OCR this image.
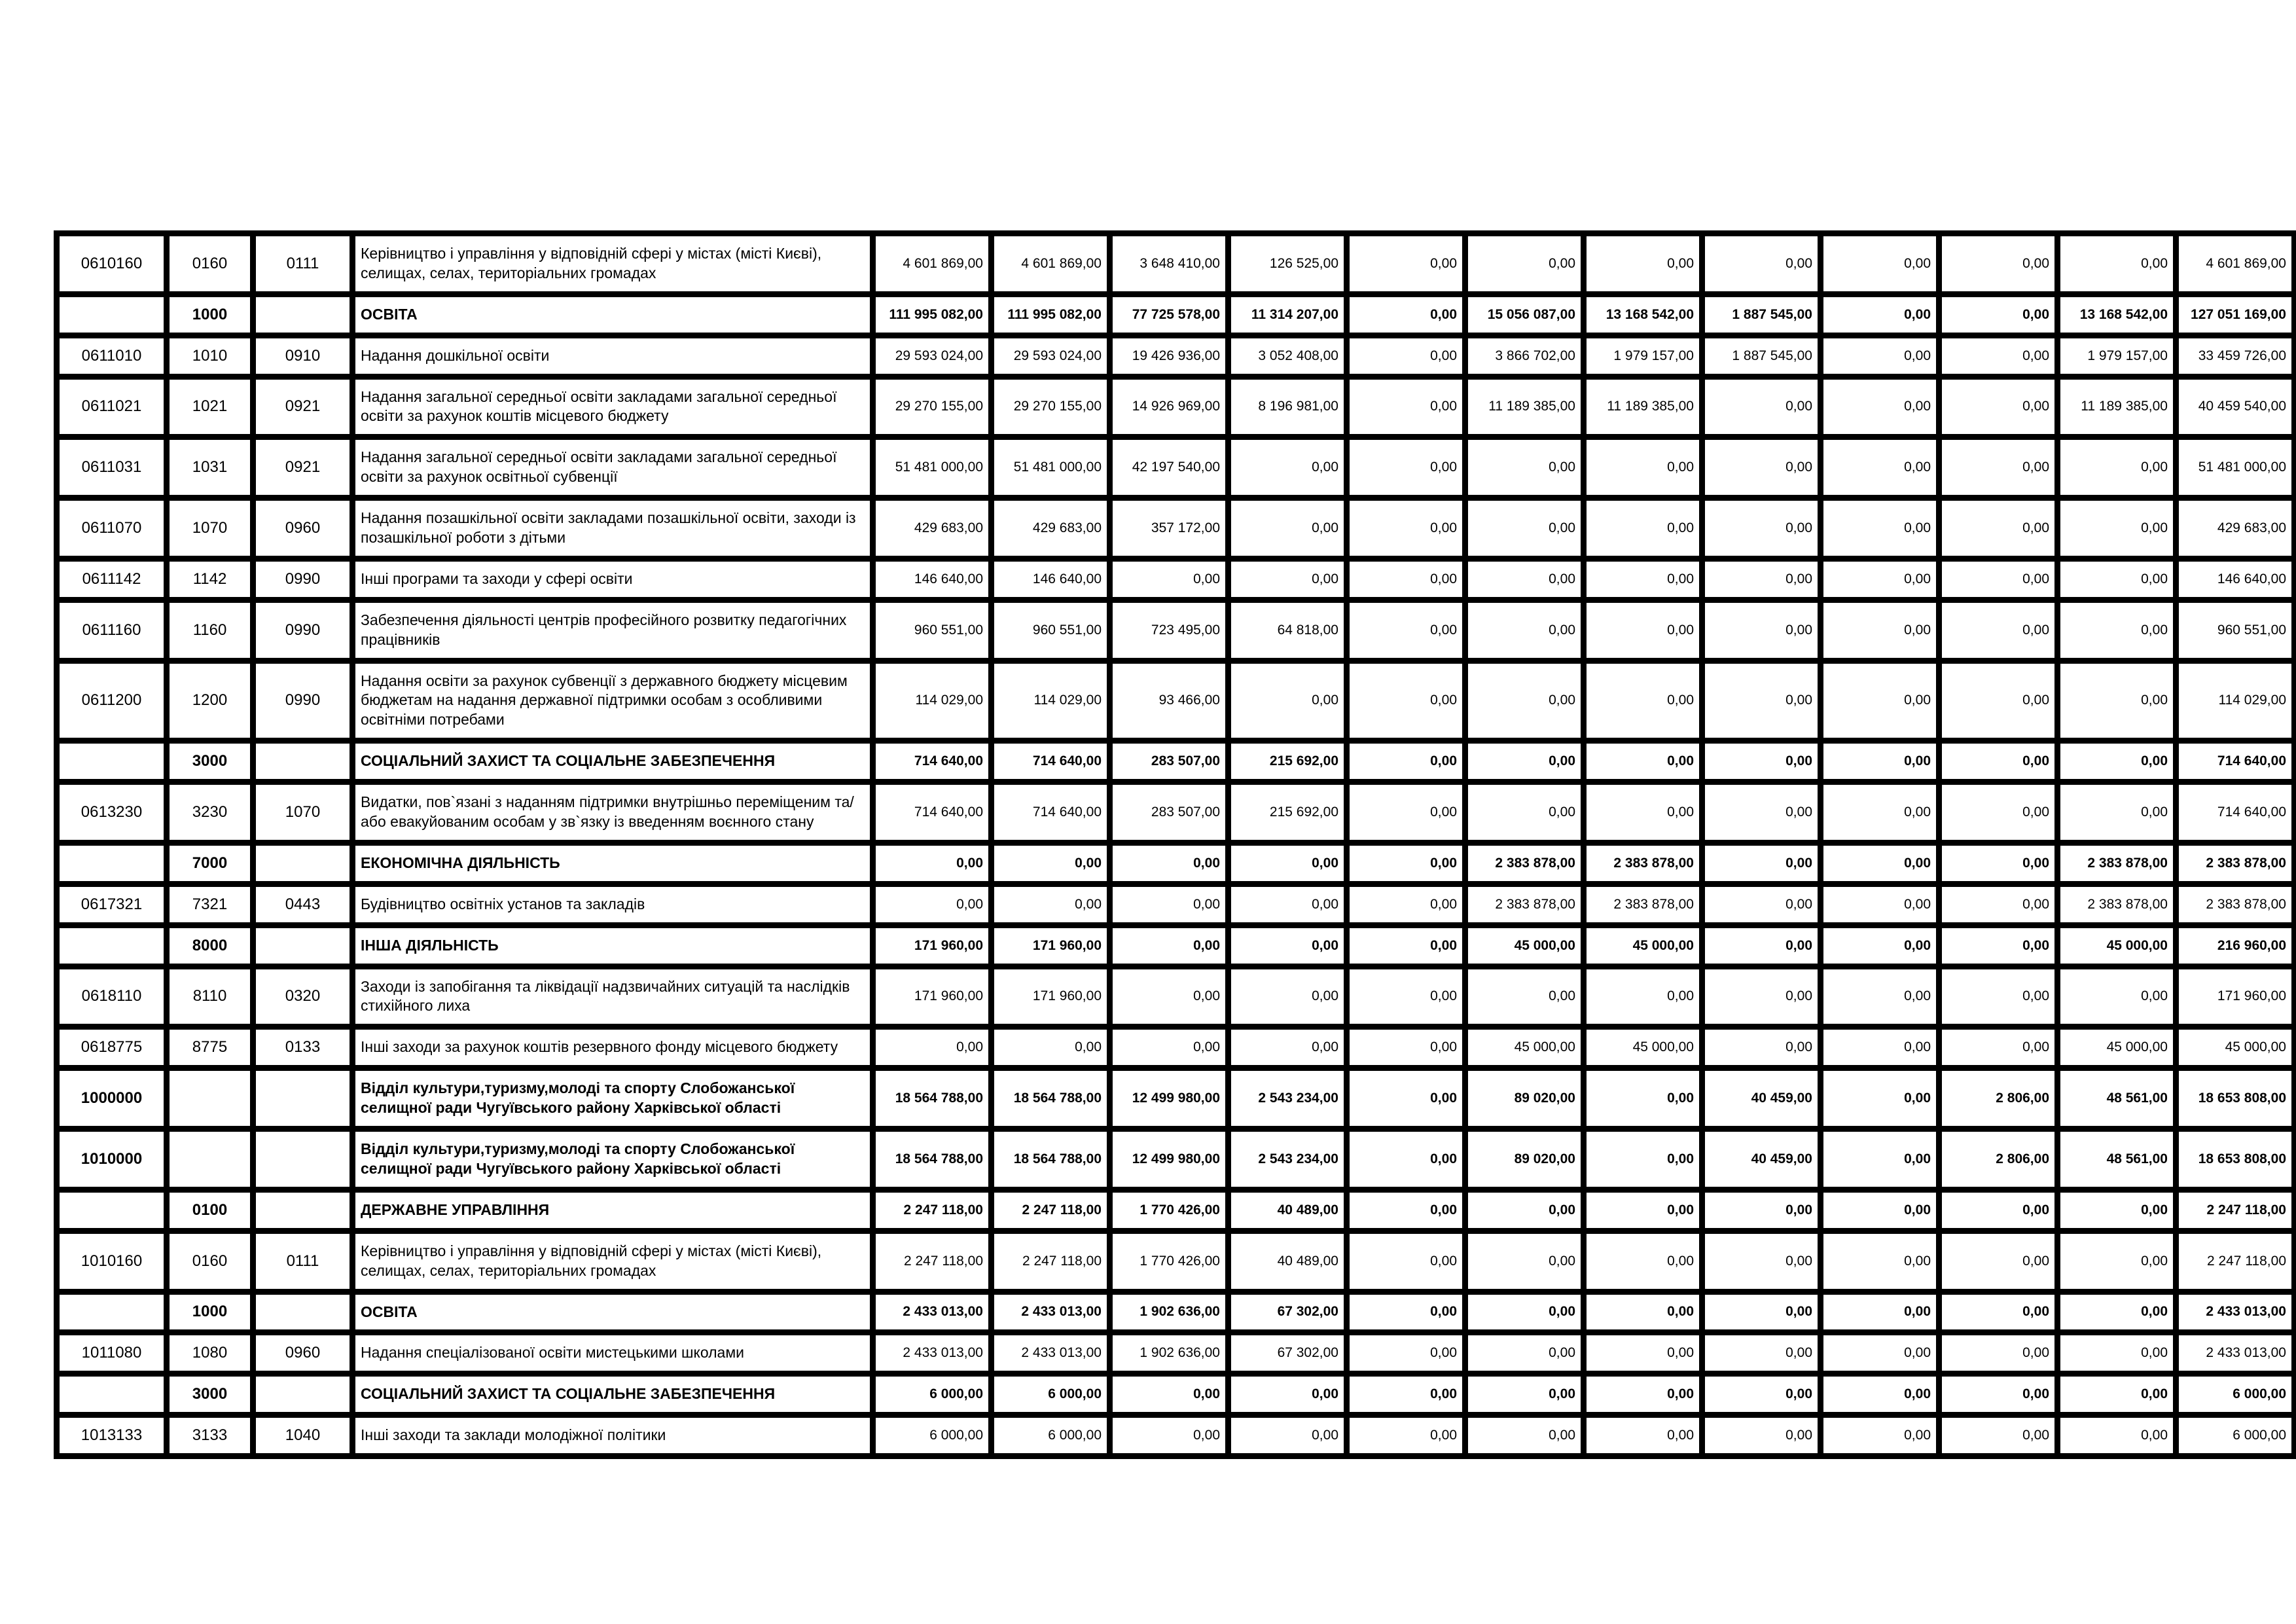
0610160	0160	0111	Керівництво і управління у відповідній сфері у містах (місті Києві), селищах, селах, територіальних громадах	4 601 869,00	4 601 869,00	3 648 410,00	126 525,00	0,00	0,00	0,00	0,00	0,00	0,00	0,00	4 601 869,00
	1000		ОСВІТА	111 995 082,00	111 995 082,00	77 725 578,00	11 314 207,00	0,00	15 056 087,00	13 168 542,00	1 887 545,00	0,00	0,00	13 168 542,00	127 051 169,00
0611010	1010	0910	Надання дошкільної освіти	29 593 024,00	29 593 024,00	19 426 936,00	3 052 408,00	0,00	3 866 702,00	1 979 157,00	1 887 545,00	0,00	0,00	1 979 157,00	33 459 726,00
0611021	1021	0921	Надання загальної середньої освіти закладами загальної середньої освіти за рахунок коштів місцевого бюджету	29 270 155,00	29 270 155,00	14 926 969,00	8 196 981,00	0,00	11 189 385,00	11 189 385,00	0,00	0,00	0,00	11 189 385,00	40 459 540,00
0611031	1031	0921	Надання загальної середньої освіти закладами загальної середньої освіти за рахунок освітньої субвенції	51 481 000,00	51 481 000,00	42 197 540,00	0,00	0,00	0,00	0,00	0,00	0,00	0,00	0,00	51 481 000,00
0611070	1070	0960	Надання позашкільної освіти закладами позашкільної освіти, заходи із позашкільної роботи з дітьми	429 683,00	429 683,00	357 172,00	0,00	0,00	0,00	0,00	0,00	0,00	0,00	0,00	429 683,00
0611142	1142	0990	Інші програми та заходи у сфері освіти	146 640,00	146 640,00	0,00	0,00	0,00	0,00	0,00	0,00	0,00	0,00	0,00	146 640,00
0611160	1160	0990	Забезпечення діяльності центрів професійного розвитку педагогічних працівників	960 551,00	960 551,00	723 495,00	64 818,00	0,00	0,00	0,00	0,00	0,00	0,00	0,00	960 551,00
0611200	1200	0990	Надання освіти за рахунок субвенції з державного бюджету місцевим бюджетам на надання державної підтримки особам з особливими освітніми потребами	114 029,00	114 029,00	93 466,00	0,00	0,00	0,00	0,00	0,00	0,00	0,00	0,00	114 029,00
	3000		СОЦІАЛЬНИЙ ЗАХИСТ ТА СОЦІАЛЬНЕ ЗАБЕЗПЕЧЕННЯ	714 640,00	714 640,00	283 507,00	215 692,00	0,00	0,00	0,00	0,00	0,00	0,00	0,00	714 640,00
0613230	3230	1070	Видатки, пов`язані з наданням підтримки внутрішньо переміщеним та/або евакуйованим особам у зв`язку із введенням воєнного стану	714 640,00	714 640,00	283 507,00	215 692,00	0,00	0,00	0,00	0,00	0,00	0,00	0,00	714 640,00
	7000		ЕКОНОМІЧНА ДІЯЛЬНІСТЬ	0,00	0,00	0,00	0,00	0,00	2 383 878,00	2 383 878,00	0,00	0,00	0,00	2 383 878,00	2 383 878,00
0617321	7321	0443	Будівництво освітніх установ та закладів	0,00	0,00	0,00	0,00	0,00	2 383 878,00	2 383 878,00	0,00	0,00	0,00	2 383 878,00	2 383 878,00
	8000		ІНША ДІЯЛЬНІСТЬ	171 960,00	171 960,00	0,00	0,00	0,00	45 000,00	45 000,00	0,00	0,00	0,00	45 000,00	216 960,00
0618110	8110	0320	Заходи із запобігання та ліквідації надзвичайних ситуацій та наслідків стихійного лиха	171 960,00	171 960,00	0,00	0,00	0,00	0,00	0,00	0,00	0,00	0,00	0,00	171 960,00
0618775	8775	0133	Інші заходи за рахунок коштів резервного фонду місцевого бюджету	0,00	0,00	0,00	0,00	0,00	45 000,00	45 000,00	0,00	0,00	0,00	45 000,00	45 000,00
1000000			Відділ культури,туризму,молоді та спорту Слобожанської селищної ради Чугуївського району Харківської області	18 564 788,00	18 564 788,00	12 499 980,00	2 543 234,00	0,00	89 020,00	0,00	40 459,00	0,00	2 806,00	48 561,00	18 653 808,00
1010000			Відділ культури,туризму,молоді та спорту Слобожанської селищної ради Чугуївського району Харківської області	18 564 788,00	18 564 788,00	12 499 980,00	2 543 234,00	0,00	89 020,00	0,00	40 459,00	0,00	2 806,00	48 561,00	18 653 808,00
	0100		ДЕРЖАВНЕ УПРАВЛІННЯ	2 247 118,00	2 247 118,00	1 770 426,00	40 489,00	0,00	0,00	0,00	0,00	0,00	0,00	0,00	2 247 118,00
1010160	0160	0111	Керівництво і управління у відповідній сфері у містах (місті Києві), селищах, селах, територіальних громадах	2 247 118,00	2 247 118,00	1 770 426,00	40 489,00	0,00	0,00	0,00	0,00	0,00	0,00	0,00	2 247 118,00
	1000		ОСВІТА	2 433 013,00	2 433 013,00	1 902 636,00	67 302,00	0,00	0,00	0,00	0,00	0,00	0,00	0,00	2 433 013,00
1011080	1080	0960	Надання спеціалізованої освіти мистецькими школами	2 433 013,00	2 433 013,00	1 902 636,00	67 302,00	0,00	0,00	0,00	0,00	0,00	0,00	0,00	2 433 013,00
	3000		СОЦІАЛЬНИЙ ЗАХИСТ ТА СОЦІАЛЬНЕ ЗАБЕЗПЕЧЕННЯ	6 000,00	6 000,00	0,00	0,00	0,00	0,00	0,00	0,00	0,00	0,00	0,00	6 000,00
1013133	3133	1040	Інші заходи та заклади молодіжної політики	6 000,00	6 000,00	0,00	0,00	0,00	0,00	0,00	0,00	0,00	0,00	0,00	6 000,00
